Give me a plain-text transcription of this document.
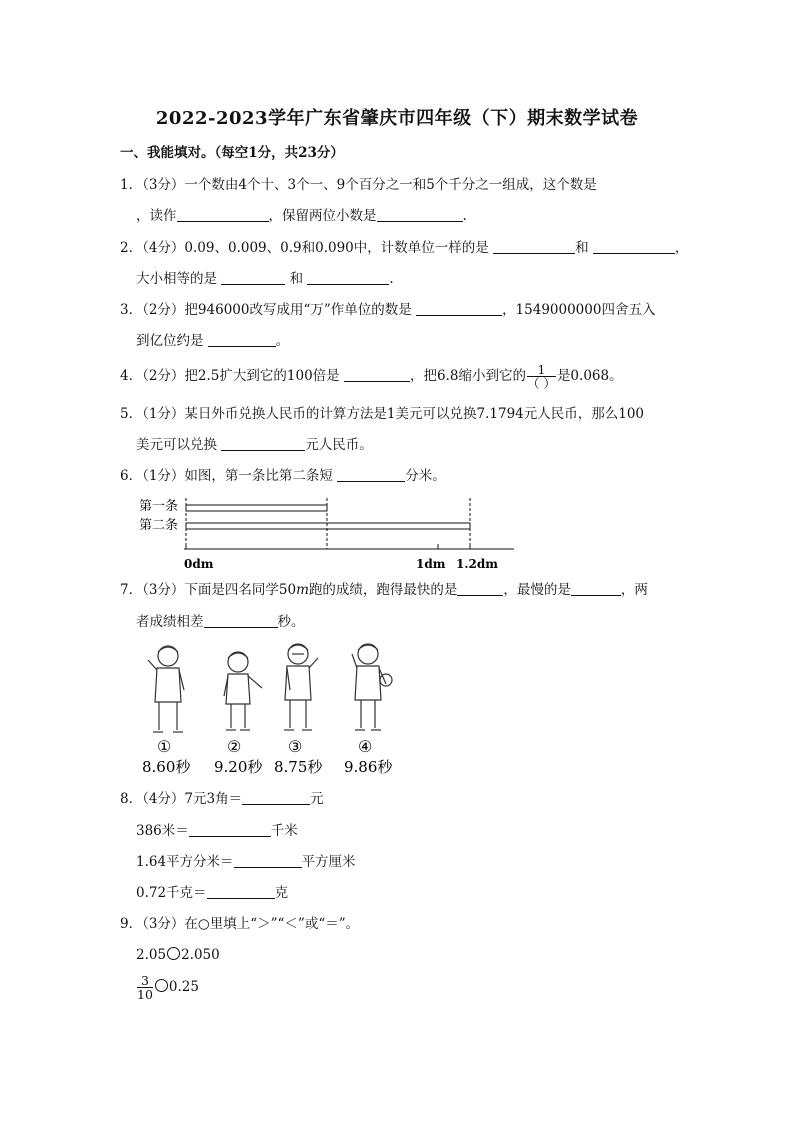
2022-2023学年广东省肇庆市四年级（下）期末数学试卷
一、我能填对。（每空1分，共23分）
1．（3分）一个数由4个十、3个一、9个百分之一和5个千分之一组成，这个数是
，读作	，保留两位小数是	.
2．（4分）0.09、0.009、0.9和0.090中，计数单位一样的是	和	，
大小相等的是	和	.
3．（2分）把946000改写成用“万”作单位的数是	，1549000000四舍五入
到亿位约是	。
4．（2分）把2.5扩大到它的100倍是	，把6.8缩小到它的 $\frac{1}{( )}$ 是0.068。
5．（1分）某日外币兑换人民币的计算方法是1美元可以兑换7.1794元人民币，那么100
美元可以兑换	元人民币。
6．（1分）如图，第一条比第二条短	分米。
第一条
第二条
0dm	1dm 1.2dm
7．（3分）下面是四名同学50m跑的成绩，跑得最快的是	，最慢的是	，两
者成绩相差	秒。
①	②	③	④
8.60秒 9.20秒 8.75秒 9.86秒
8．（4分）7元3角＝	元
386米＝	千米
1.64平方分米＝	平方厘米
0.72千克＝	克
9．（3分）在○里填上“＞”“＜”或“＝”。
2.05 2.050
$\frac{3}{10} 0.25$
